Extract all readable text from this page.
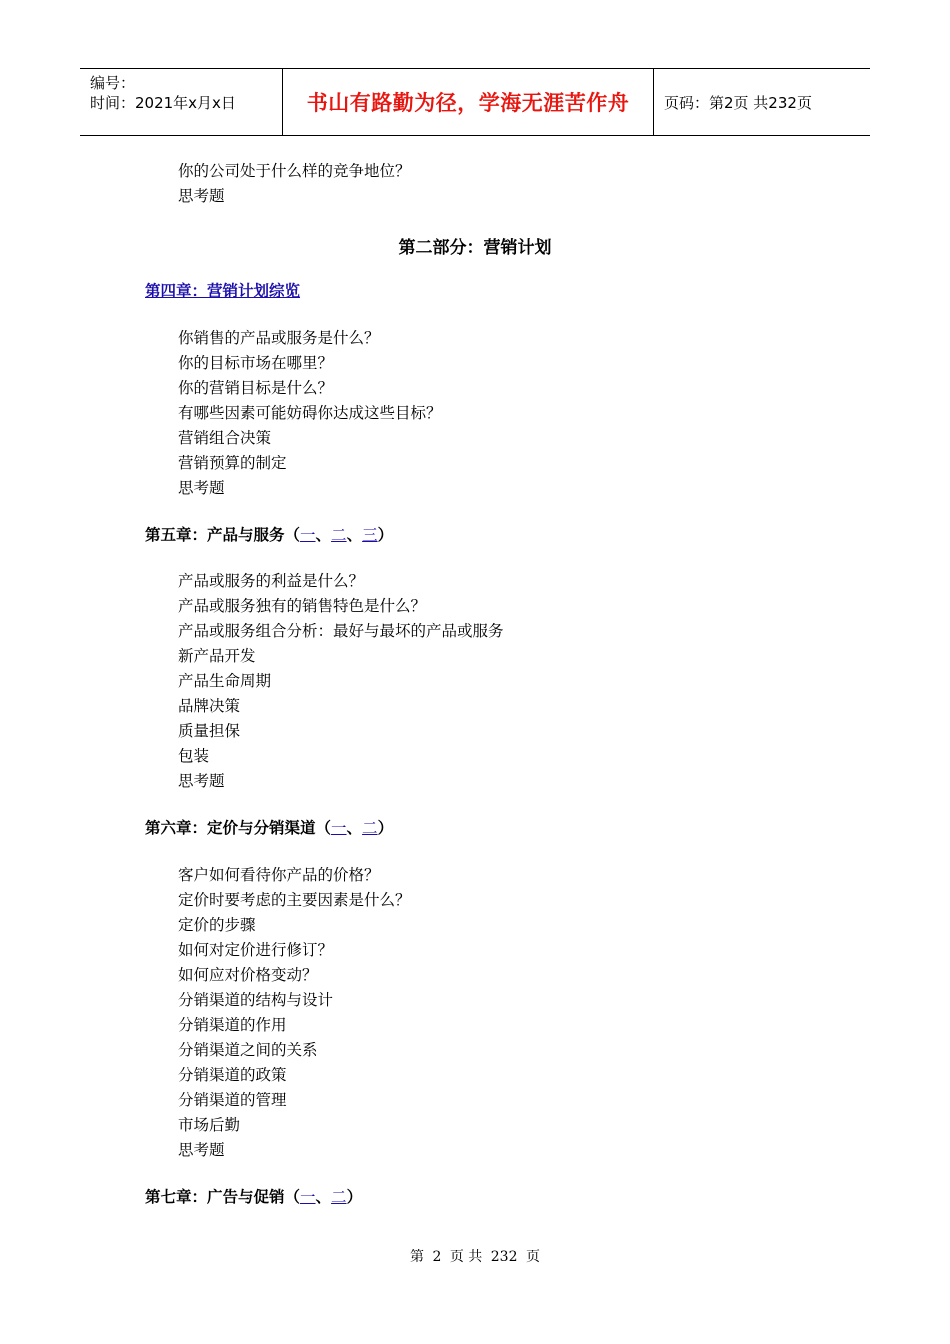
编号：
时间：2021年x月x日	书山有路勤为径，学海无涯苦作舟 页码：第2页 共232页
你的公司处于什么样的竞争地位？
思考题
第二部分：营销计划
第四章：营销计划综览
你销售的产品或服务是什么？
你的目标市场在哪里？
你的营销目标是什么？
有哪些因素可能妨碍你达成这些目标？
营销组合决策
营销预算的制定
思考题
第五章：产品与服务（一、二、三）
产品或服务的利益是什么？
产品或服务独有的销售特色是什么？
产品或服务组合分析：最好与最坏的产品或服务
新产品开发
产品生命周期
品牌决策
质量担保
包装
思考题
第六章：定价与分销渠道（一、二）
客户如何看待你产品的价格？
定价时要考虑的主要因素是什么？
定价的步骤
如何对定价进行修订？
如何应对价格变动？
分销渠道的结构与设计
分销渠道的作用
分销渠道之间的关系
分销渠道的政策
分销渠道的管理
市场后勤
思考题
第七章：广告与促销（一、二）
第 2 页 共 232 页
